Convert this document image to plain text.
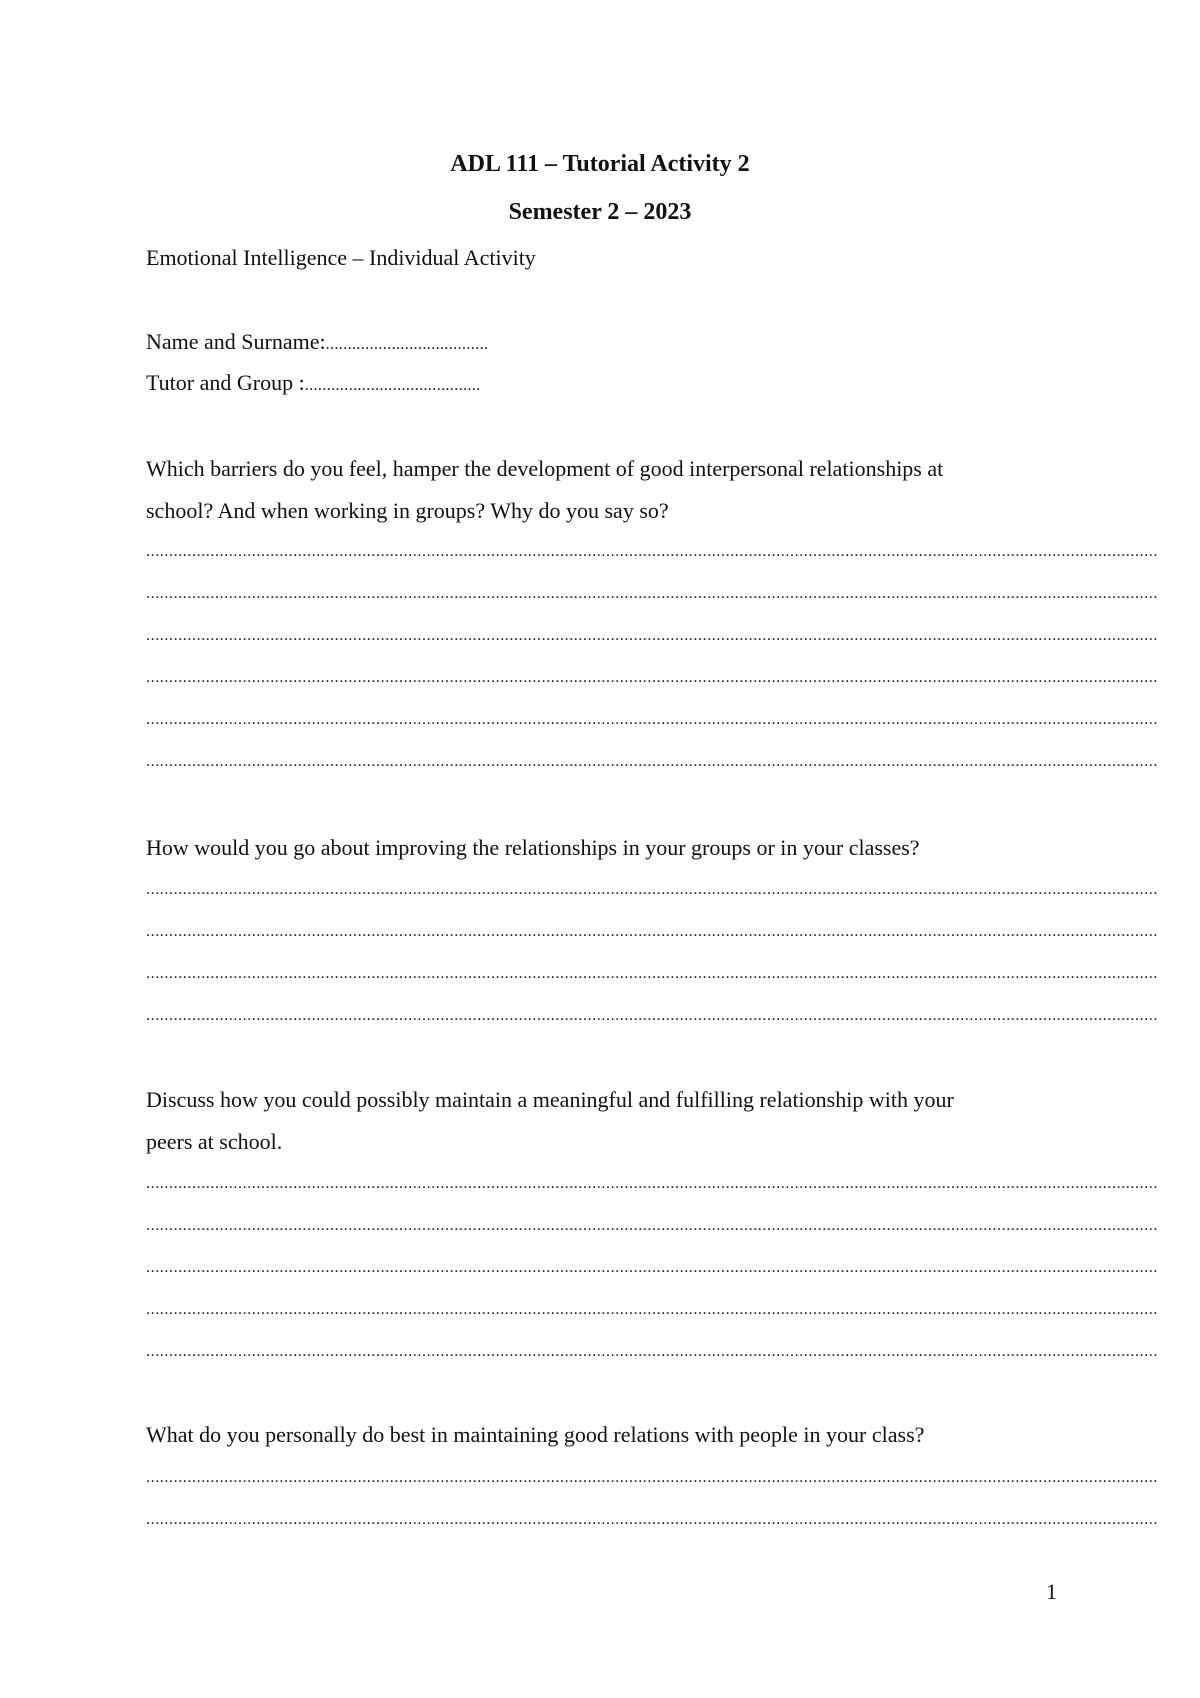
ADL 111 – Tutorial Activity 2
Semester 2 – 2023
Emotional Intelligence – Individual Activity
Name and Surname:.....................................
Tutor and Group :........................................
Which barriers do you feel, hamper the development of good interpersonal relationships at
school? And when working in groups? Why do you say so?
............................................................................................................................................................................................................................
............................................................................................................................................................................................................................
............................................................................................................................................................................................................................
............................................................................................................................................................................................................................
............................................................................................................................................................................................................................
............................................................................................................................................................................................................................
How would you go about improving the relationships in your groups or in your classes?
............................................................................................................................................................................................................................
............................................................................................................................................................................................................................
............................................................................................................................................................................................................................
............................................................................................................................................................................................................................
Discuss how you could possibly maintain a meaningful and fulfilling relationship with your
peers at school.
............................................................................................................................................................................................................................
............................................................................................................................................................................................................................
............................................................................................................................................................................................................................
............................................................................................................................................................................................................................
............................................................................................................................................................................................................................
What do you personally do best in maintaining good relations with people in your class?
............................................................................................................................................................................................................................
............................................................................................................................................................................................................................
1
